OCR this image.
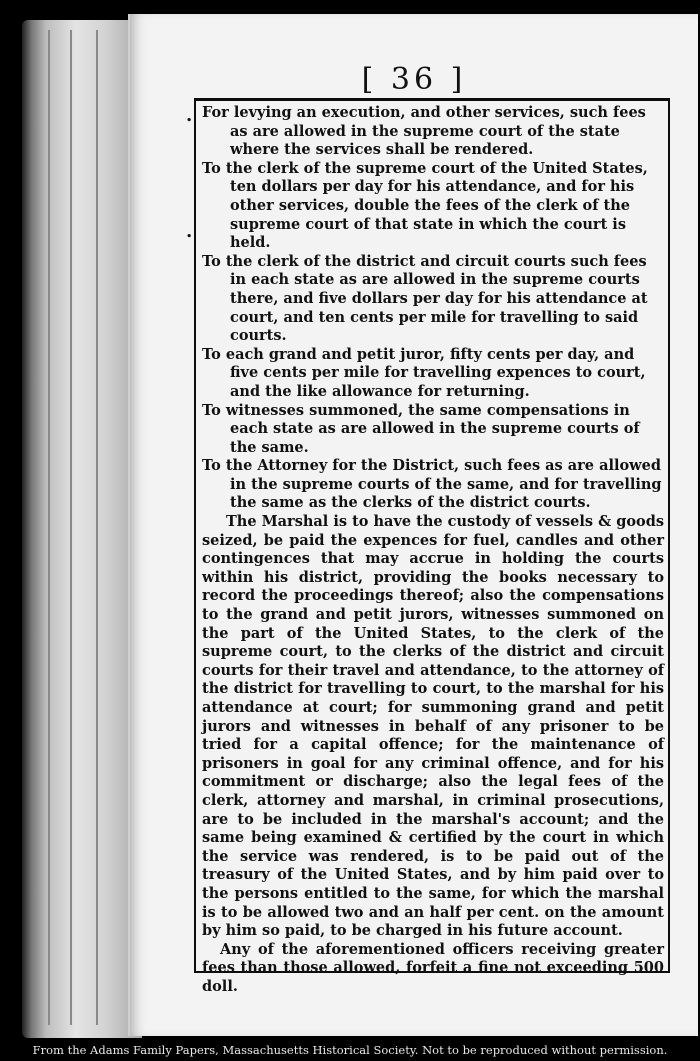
[ 36 ]
.
.

For levying an execution, and other services, such fees as are allowed in the supreme court of the state where the services shall be rendered.

To the clerk of the supreme court of the United States, ten dollars per day for his attendance, and for his other services, double the fees of the clerk of the supreme court of that state in which the court is held.

To the clerk of the district and circuit courts such fees in each state as are allowed in the supreme courts there, and five dollars per day for his attendance at court, and ten cents per mile for travelling to said courts.

To each grand and petit juror, fifty cents per day, and five cents per mile for travelling expences to court, and the like allowance for returning.

To witnesses summoned, the same compensations in each state as are allowed in the supreme courts of the same.

To the Attorney for the District, such fees as are allowed in the supreme courts of the same, and for travelling the same as the clerks of the district courts.

The Marshal is to have the custody of vessels & goods seized, be paid the expences for fuel, candles and other contingences that may accrue in holding the courts within his district, providing the books necessary to record the proceedings thereof; also the compensations to the grand and petit jurors, witnesses summoned on the part of the United States, to the clerk of the supreme court, to the clerks of the district and circuit courts for their travel and attendance, to the attorney of the district for travelling to court, to the marshal for his attendance at court; for summoning grand and petit jurors and witnesses in behalf of any prisoner to be tried for a capital offence; for the maintenance of prisoners in goal for any criminal offence, and for his commitment or discharge; also the legal fees of the clerk, attorney and marshal, in criminal prosecutions, are to be included in the marshal's account; and the same being examined & certified by the court in which the service was rendered, is to be paid out of the treasury of the United States, and by him paid over to the persons entitled to the same, for which the marshal is to be allowed two and an half per cent. on the amount by him so paid, to be charged in his future account.

Any of the aforementioned officers receiving greater fees than those allowed, forfeit a fine not exceeding 500 doll.

From the Adams Family Papers, Massachusetts Historical Society. Not to be reproduced without permission.
